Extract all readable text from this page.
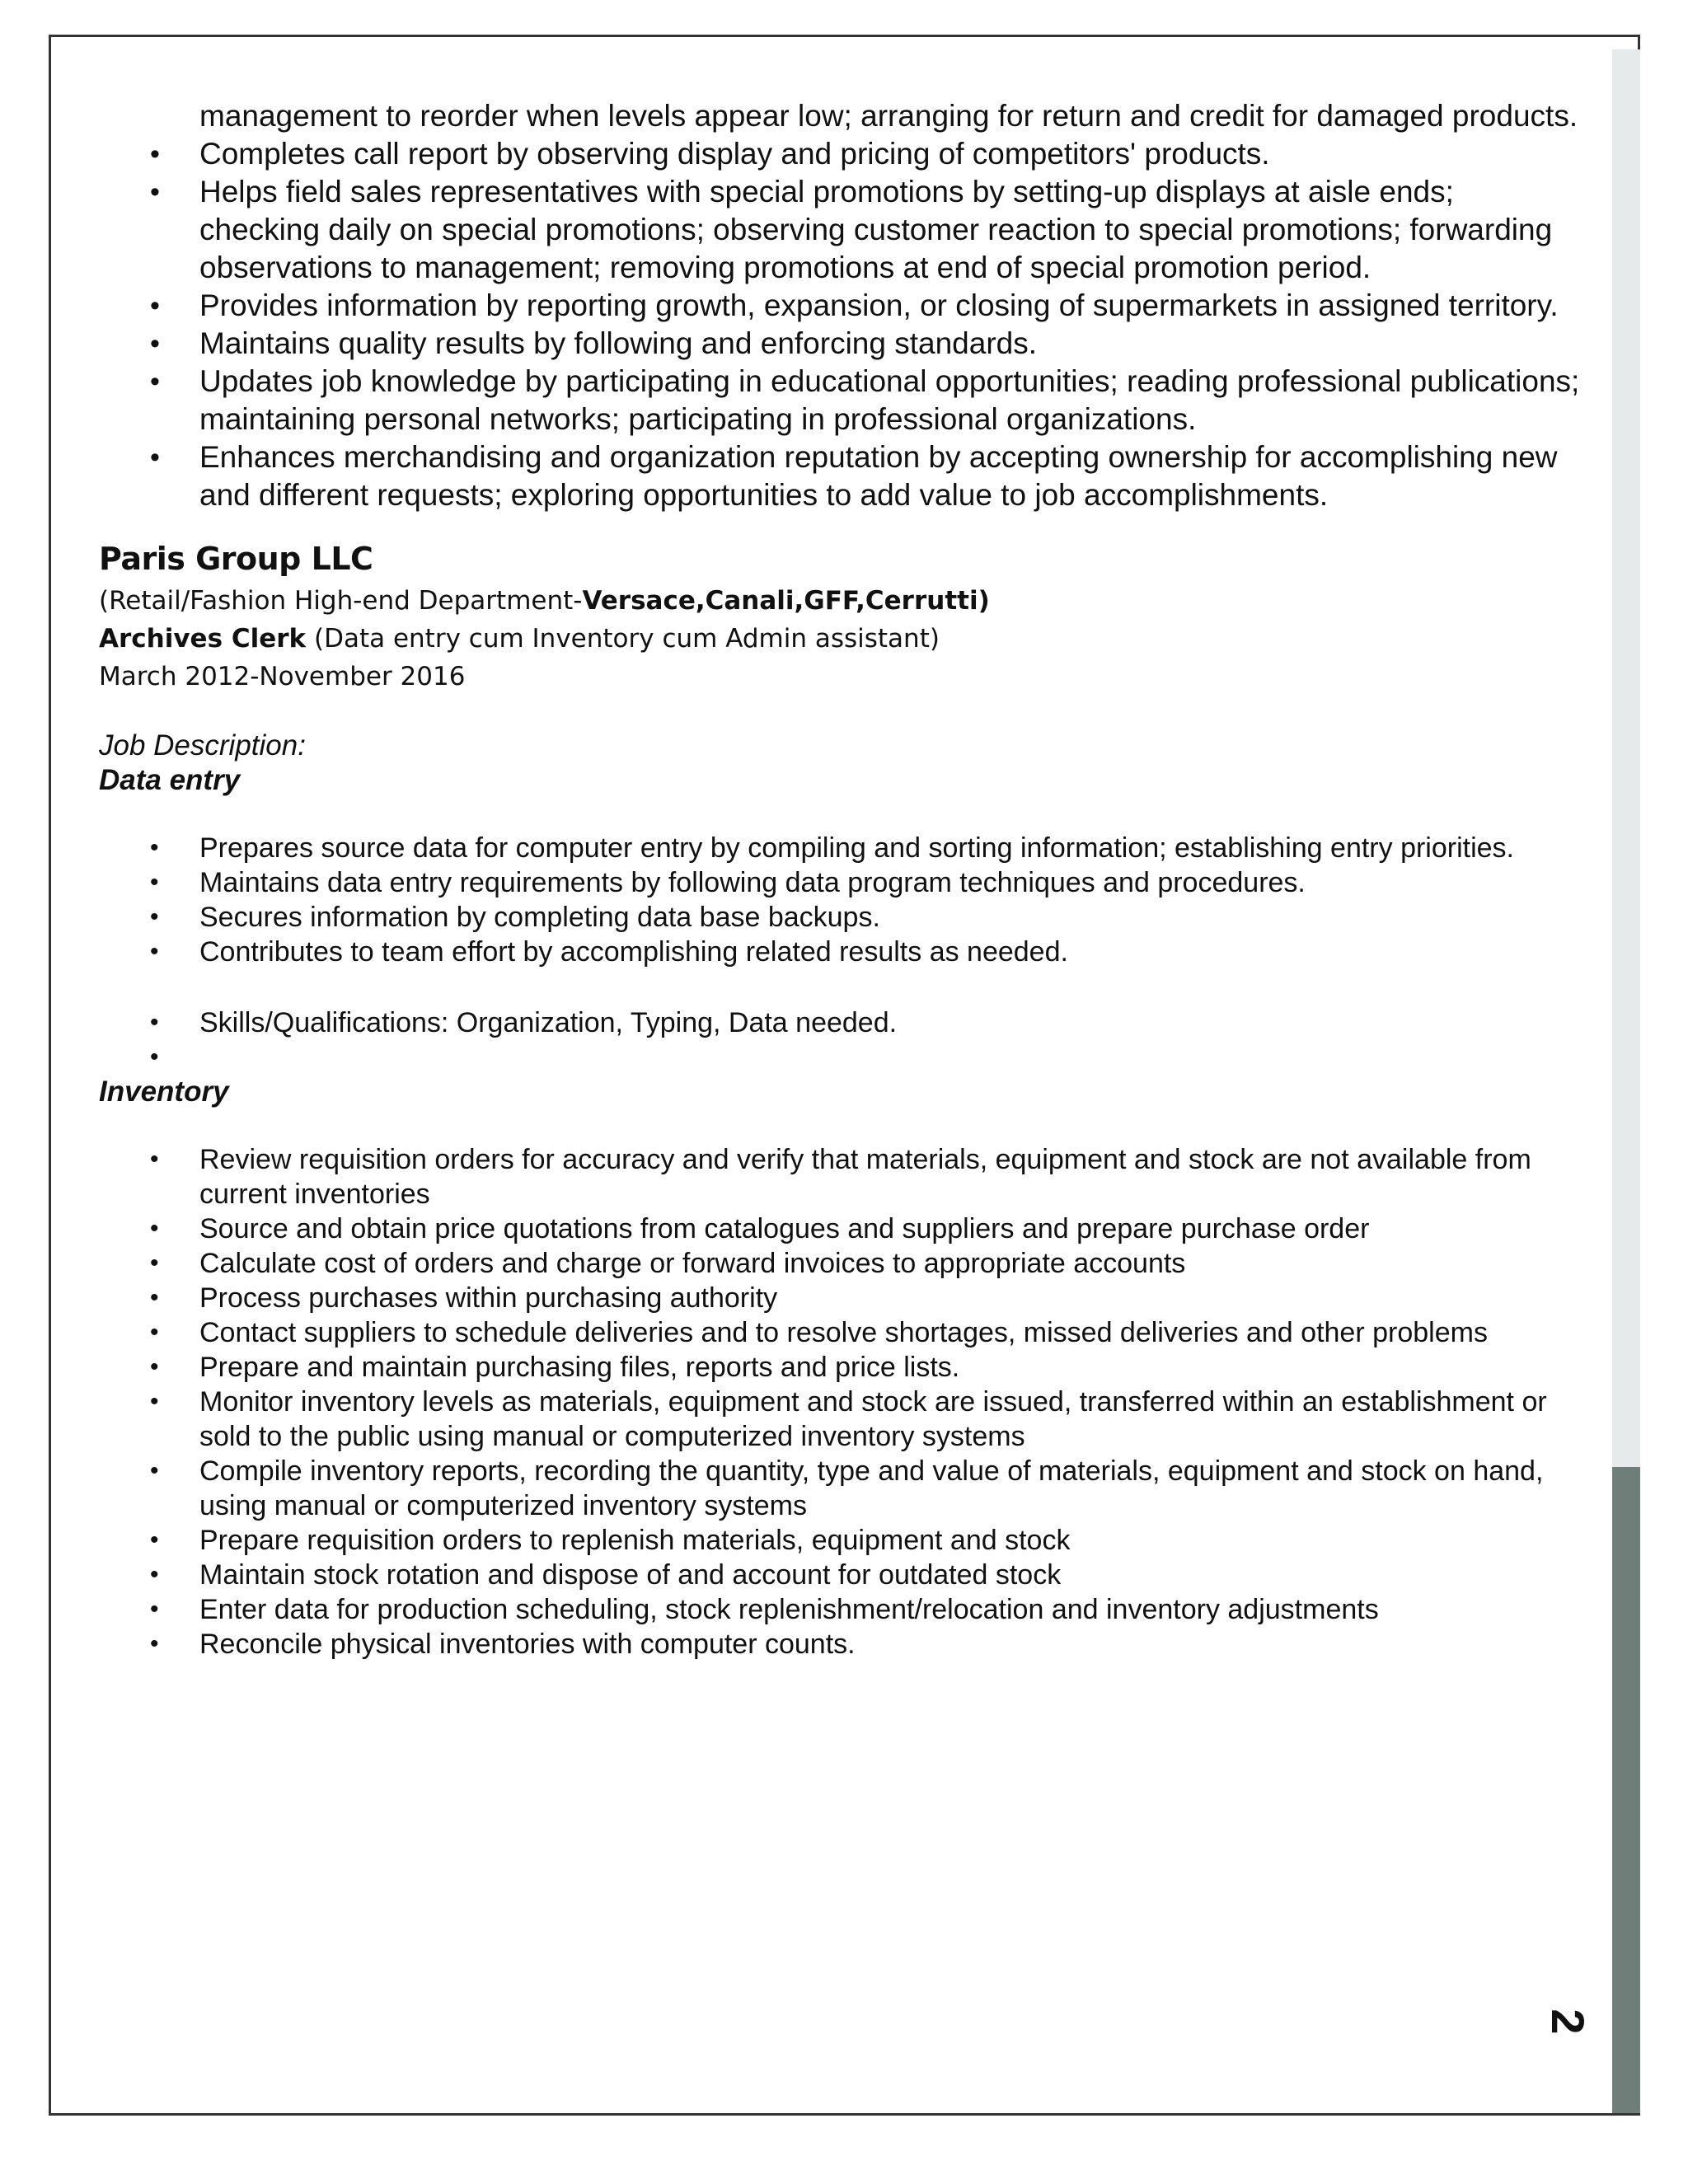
2
management to reorder when levels appear low; arranging for return and credit for damaged products.
• Completes call report by observing display and pricing of competitors' products.
• Helps field sales representatives with special promotions by setting-up displays at aisle ends; checking daily on special promotions; observing customer reaction to special promotions; forwarding observations to management; removing promotions at end of special promotion period.
• Provides information by reporting growth, expansion, or closing of supermarkets in assigned territory.
• Maintains quality results by following and enforcing standards.
• Updates job knowledge by participating in educational opportunities; reading professional publications; maintaining personal networks; participating in professional organizations.
• Enhances merchandising and organization reputation by accepting ownership for accomplishing new and different requests; exploring opportunities to add value to job accomplishments.
Paris Group LLC
(Retail/Fashion High-end Department-Versace,Canali,GFF,Cerrutti)
Archives Clerk (Data entry cum Inventory cum Admin assistant)
March 2012-November 2016
Job Description:
Data entry
• Prepares source data for computer entry by compiling and sorting information; establishing entry priorities.
• Maintains data entry requirements by following data program techniques and procedures.
• Secures information by completing data base backups.
• Contributes to team effort by accomplishing related results as needed.
• Skills/Qualifications: Organization, Typing, Data needed.
•
Inventory
• Review requisition orders for accuracy and verify that materials, equipment and stock are not available from current inventories
• Source and obtain price quotations from catalogues and suppliers and prepare purchase order
• Calculate cost of orders and charge or forward invoices to appropriate accounts
• Process purchases within purchasing authority
• Contact suppliers to schedule deliveries and to resolve shortages, missed deliveries and other problems
• Prepare and maintain purchasing files, reports and price lists.
• Monitor inventory levels as materials, equipment and stock are issued, transferred within an establishment or sold to the public using manual or computerized inventory systems
• Compile inventory reports, recording the quantity, type and value of materials, equipment and stock on hand, using manual or computerized inventory systems
• Prepare requisition orders to replenish materials, equipment and stock
• Maintain stock rotation and dispose of and account for outdated stock
• Enter data for production scheduling, stock replenishment/relocation and inventory adjustments
• Reconcile physical inventories with computer counts.
